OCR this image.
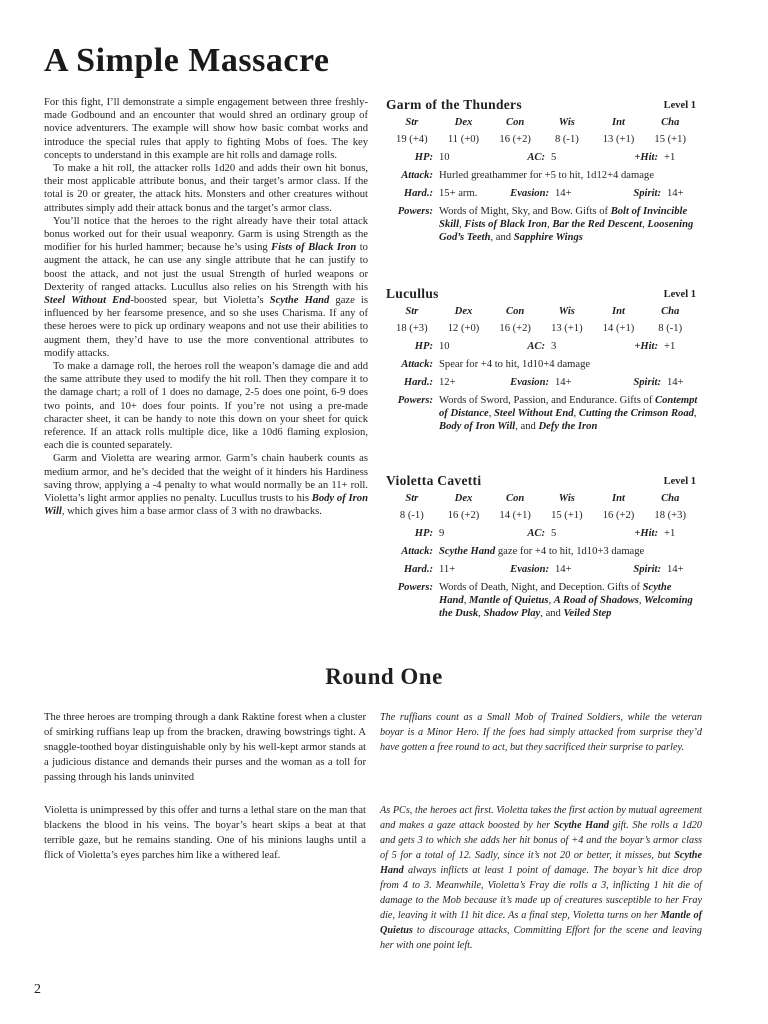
A Simple Massacre

For this fight, I’ll demonstrate a simple engagement between three freshly-made Godbound and an encounter that would shred an ordinary group of novice adventurers. The example will show how basic combat works and introduce the special rules that apply to fighting Mobs of foes. The key concepts to understand in this example are hit rolls and damage rolls.

To make a hit roll, the attacker rolls 1d20 and adds their own hit bonus, their most applicable attribute bonus, and their target’s armor class. If the total is 20 or greater, the attack hits. Monsters and other creatures without attributes simply add their attack bonus and the target’s armor class.

You’ll notice that the heroes to the right already have their total attack bonus worked out for their usual weaponry. Garm is using Strength as the modifier for his hurled hammer; because he’s using Fists of Black Iron to augment the attack, he can use any single attribute that he can justify to boost the attack, and not just the usual Strength of hurled weapons or Dexterity of ranged attacks. Lucullus also relies on his Strength with his Steel Without End-boosted spear, but Violetta’s Scythe Hand gaze is influenced by her fearsome presence, and so she uses Charisma. If any of these heroes were to pick up ordinary weapons and not use their abilities to augment them, they’d have to use the more conventional attributes to modify attacks.

To make a damage roll, the heroes roll the weapon’s damage die and add the same attribute they used to modify the hit roll. Then they compare it to the damage chart; a roll of 1 does no damage, 2-5 does one point, 6-9 does two points, and 10+ does four points. If you’re not using a pre-made character sheet, it can be handy to note this down on your sheet for quick reference. If an attack rolls multiple dice, like a 10d6 flaming explosion, each die is counted separately.

Garm and Violetta are wearing armor. Garm’s chain hauberk counts as medium armor, and he’s decided that the weight of it hinders his Hardiness saving throw, applying a -4 penalty to what would normally be an 11+ roll. Violetta’s light armor applies no penalty. Lucullus trusts to his Body of Iron Will, which gives him a base armor class of 3 with no drawbacks.

Garm of the Thunders	Level 1
Str	Dex	Con	Wis	Int	Cha
19 (+4)	11 (+0)	16 (+2)	8 (-1)	13 (+1)	15 (+1)
HP: 10	AC: 5	+Hit: +1
Attack: Hurled greathammer for +5 to hit, 1d12+4 damage
Hard.: 15+ arm.	Evasion: 14+	Spirit: 14+
Powers: Words of Might, Sky, and Bow. Gifts of Bolt of Invincible Skill, Fists of Black Iron, Bar the Red Descent, Loosening God’s Teeth, and Sapphire Wings
Lucullus	Level 1
Str	Dex	Con	Wis	Int	Cha
18 (+3)	12 (+0)	16 (+2)	13 (+1)	14 (+1)	8 (-1)
HP: 10	AC: 3	+Hit: +1
Attack: Spear for +4 to hit, 1d10+4 damage
Hard.: 12+	Evasion: 14+	Spirit: 14+
Powers: Words of Sword, Passion, and Endurance. Gifts of Contempt of Distance, Steel Without End, Cutting the Crimson Road, Body of Iron Will, and Defy the Iron
Violetta Cavetti	Level 1
Str	Dex	Con	Wis	Int	Cha
8 (-1)	16 (+2)	14 (+1)	15 (+1)	16 (+2)	18 (+3)
HP: 9	AC: 5	+Hit: +1
Attack: Scythe Hand gaze for +4 to hit, 1d10+3 damage
Hard.: 11+	Evasion: 14+	Spirit: 14+
Powers: Words of Death, Night, and Deception. Gifts of Scythe Hand, Mantle of Quietus, A Road of Shadows, Welcoming the Dusk, Shadow Play, and Veiled Step
Round One

The three heroes are tromping through a dank Raktine forest when a cluster of smirking ruffians leap up from the bracken, drawing bowstrings tight. A snaggle-toothed boyar distinguishable only by his well-kept armor stands at a judicious distance and demands their purses and the woman as a toll for passing through his lands uninvited

Violetta is unimpressed by this offer and turns a lethal stare on the man that blackens the blood in his veins. The boyar’s heart skips a beat at that terrible gaze, but he remains standing. One of his minions laughs until a flick of Violetta’s eyes parches him like a withered leaf.

The ruffians count as a Small Mob of Trained Soldiers, while the veteran boyar is a Minor Hero. If the foes had simply attacked from surprise they’d have gotten a free round to act, but they sacrificed their surprise to parley.

As PCs, the heroes act first. Violetta takes the first action by mutual agreement and makes a gaze attack boosted by her Scythe Hand gift. She rolls a 1d20 and gets 3 to which she adds her hit bonus of +4 and the boyar’s armor class of 5 for a total of 12. Sadly, since it’s not 20 or better, it misses, but Scythe Hand always inflicts at least 1 point of damage. The boyar’s hit dice drop from 4 to 3. Meanwhile, Violetta’s Fray die rolls a 3, inflicting 1 hit die of damage to the Mob because it’s made up of creatures susceptible to her Fray die, leaving it with 11 hit dice. As a final step, Violetta turns on her Mantle of Quietus to discourage attacks, Committing Effort for the scene and leaving her with one point left.

2
